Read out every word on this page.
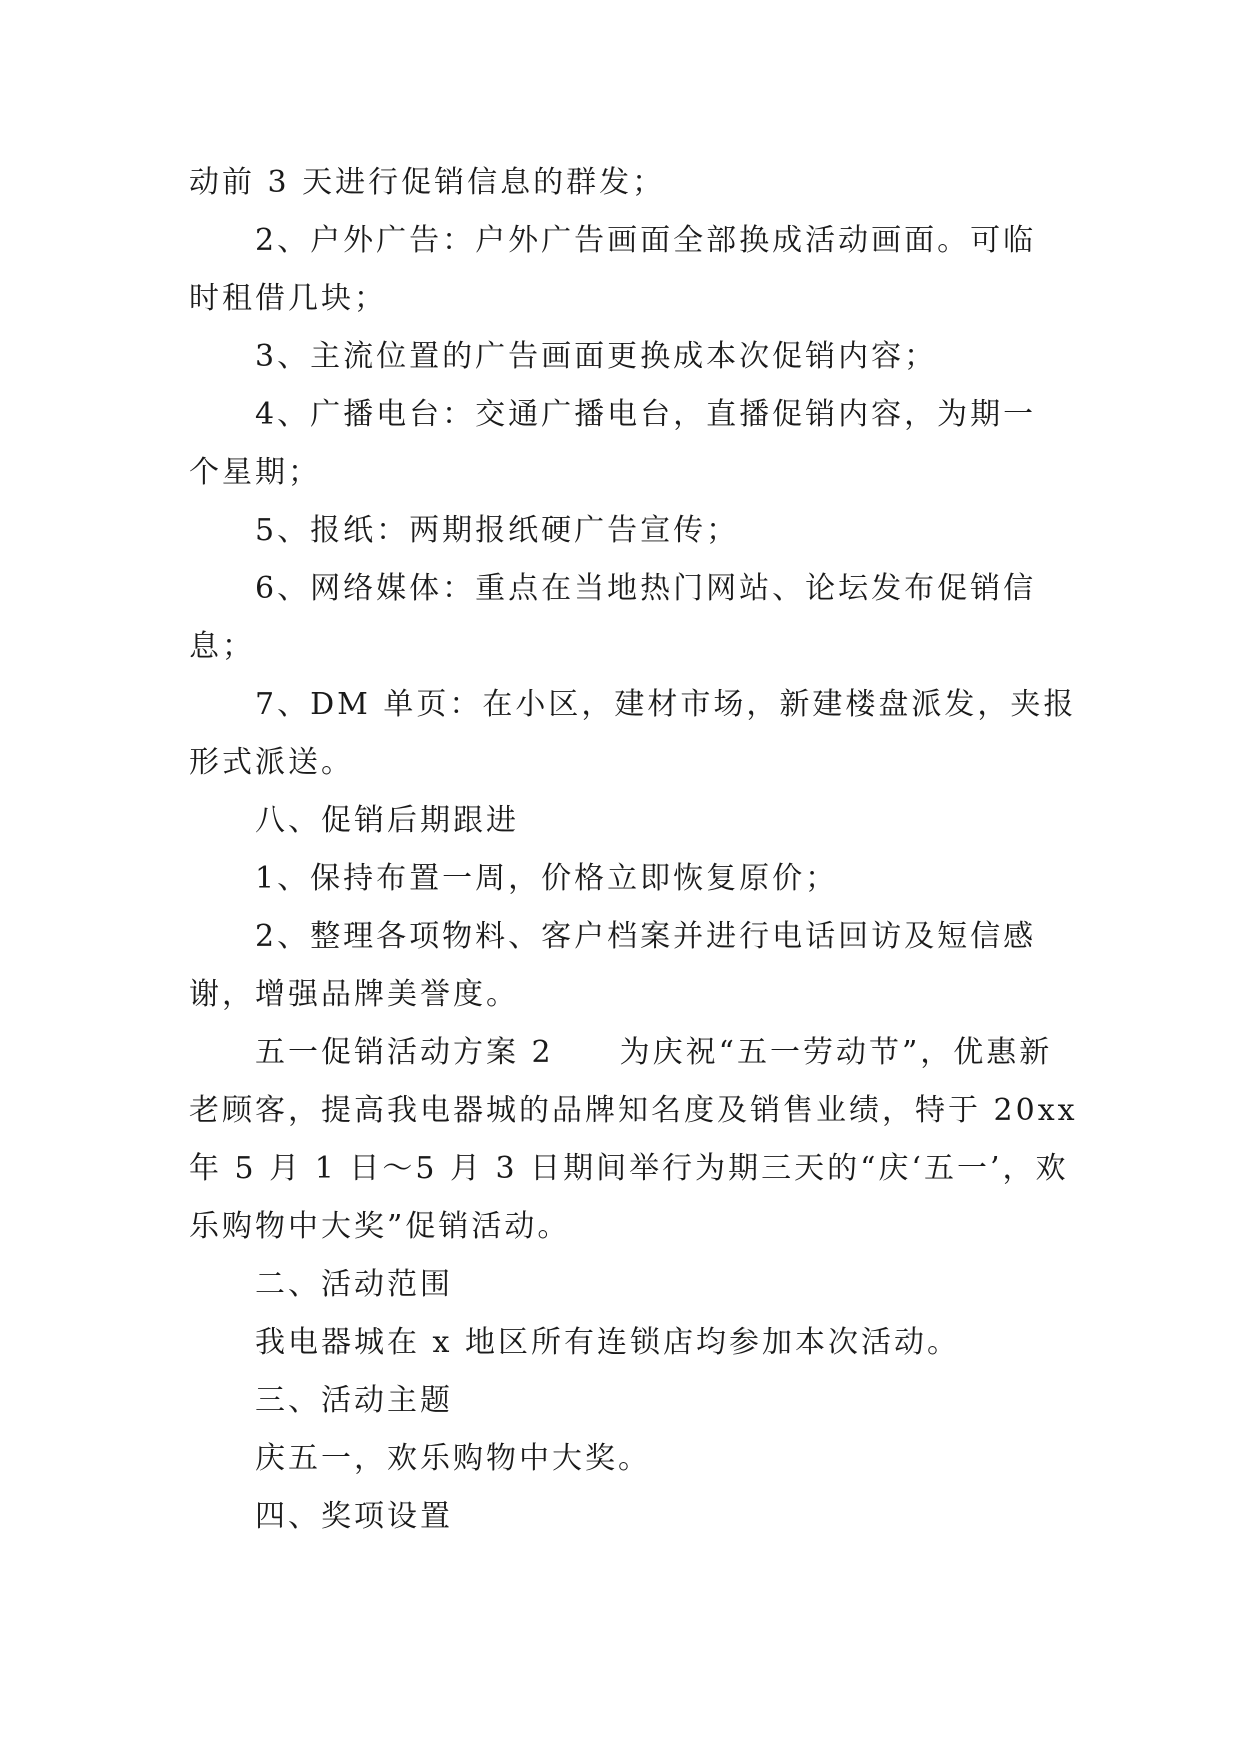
动前 3 天进行促销信息的群发；
2、户外广告：户外广告画面全部换成活动画面。可临
时租借几块；
3、主流位置的广告画面更换成本次促销内容；
4、广播电台：交通广播电台，直播促销内容，为期一
个星期；
5、报纸：两期报纸硬广告宣传；
6、网络媒体：重点在当地热门网站、论坛发布促销信
息；
7、DM 单页：在小区，建材市场，新建楼盘派发，夹报
形式派送。
八、促销后期跟进
1、保持布置一周，价格立即恢复原价；
2、整理各项物料、客户档案并进行电话回访及短信感
谢，增强品牌美誉度。
五一促销活动方案 2　　为庆祝“五一劳动节”，优惠新
老顾客，提高我电器城的品牌知名度及销售业绩，特于 20xx
年 5 月 1 日～5 月 3 日期间举行为期三天的“庆‘五一’，欢
乐购物中大奖”促销活动。
二、活动范围
我电器城在 x 地区所有连锁店均参加本次活动。
三、活动主题
庆五一，欢乐购物中大奖。
四、奖项设置
